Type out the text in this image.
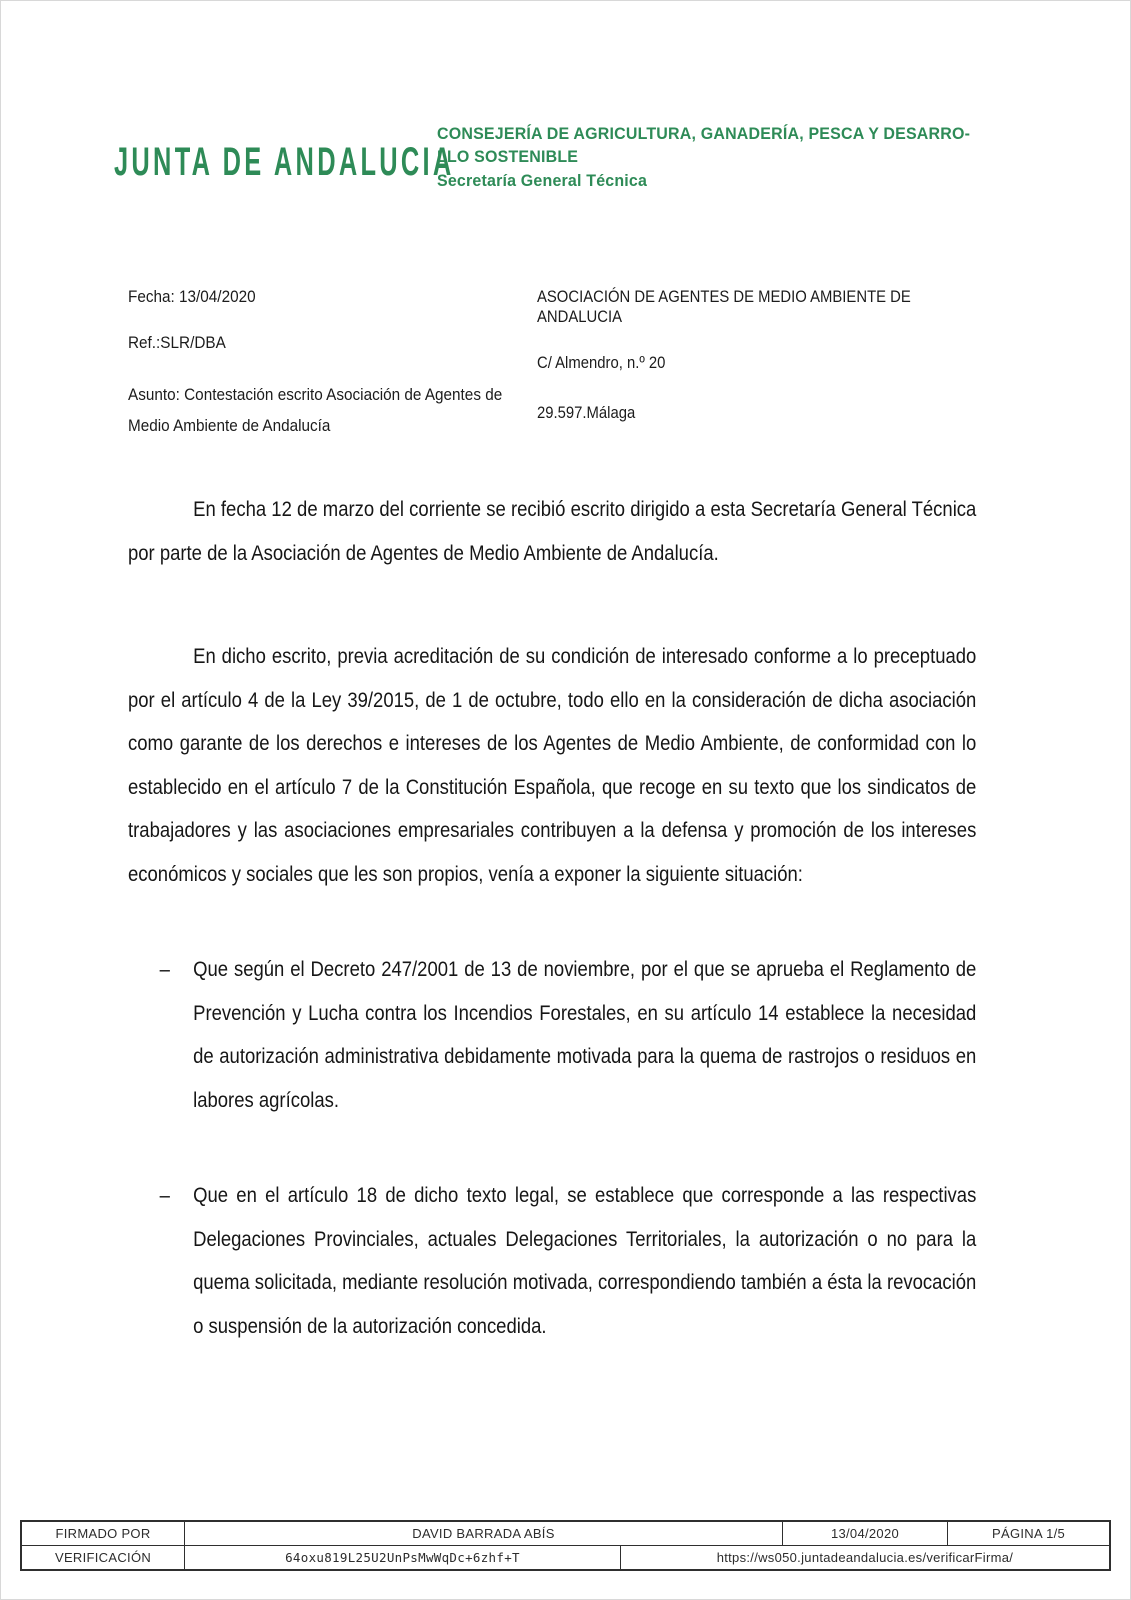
JUNTA DE ANDALUCIA
CONSEJERÍA DE AGRICULTURA, GANADERÍA, PESCA Y DESARRO-
LLO SOSTENIBLE
Secretaría General Técnica
Fecha: 13/04/2020
Ref.:SLR/DBA
Asunto: Contestación escrito Asociación de Agentes de Medio Ambiente de Andalucía
ASOCIACIÓN DE AGENTES DE MEDIO AMBIENTE DE ANDALUCIA
C/ Almendro, n.º 20
29.597.Málaga

En fecha 12 de marzo del corriente se recibió escrito dirigido a esta Secretaría General Técnica por parte de la Asociación de Agentes de Medio Ambiente de Andalucía.

En dicho escrito, previa acreditación de su condición de interesado conforme a lo preceptuado por el artículo 4 de la Ley 39/2015, de 1 de octubre, todo ello en la consideración de dicha asociación como garante de los derechos e intereses de los Agentes de Medio Ambiente, de conformidad con lo establecido en el artículo 7 de la Constitución Española, que recoge en su texto que los sindicatos de trabajadores y las asociaciones empresariales contribuyen a la defensa y promoción de los intereses económicos y sociales que les son propios, venía a exponer la siguiente situación:

–	Que según el Decreto 247/2001 de 13 de noviembre, por el que se aprueba el Reglamento de Prevención y Lucha contra los Incendios Forestales, en su artículo 14 establece la necesidad de autorización administrativa debidamente motivada para la quema de rastrojos o residuos en labores agrícolas.
–	Que en el artículo 18 de dicho texto legal, se establece que corresponde a las respectivas Delegaciones Provinciales, actuales Delegaciones Territoriales, la autorización o no para la quema solicitada, mediante resolución motivada, correspondiendo también a ésta la revocación o suspensión de la autorización concedida.
FIRMADO POR	DAVID BARRADA ABÍS	13/04/2020	PÁGINA 1/5
VERIFICACIÓN	64oxu819L25U2UnPsMwWqDc+6zhf+T	https://ws050.juntadeandalucia.es/verificarFirma/
